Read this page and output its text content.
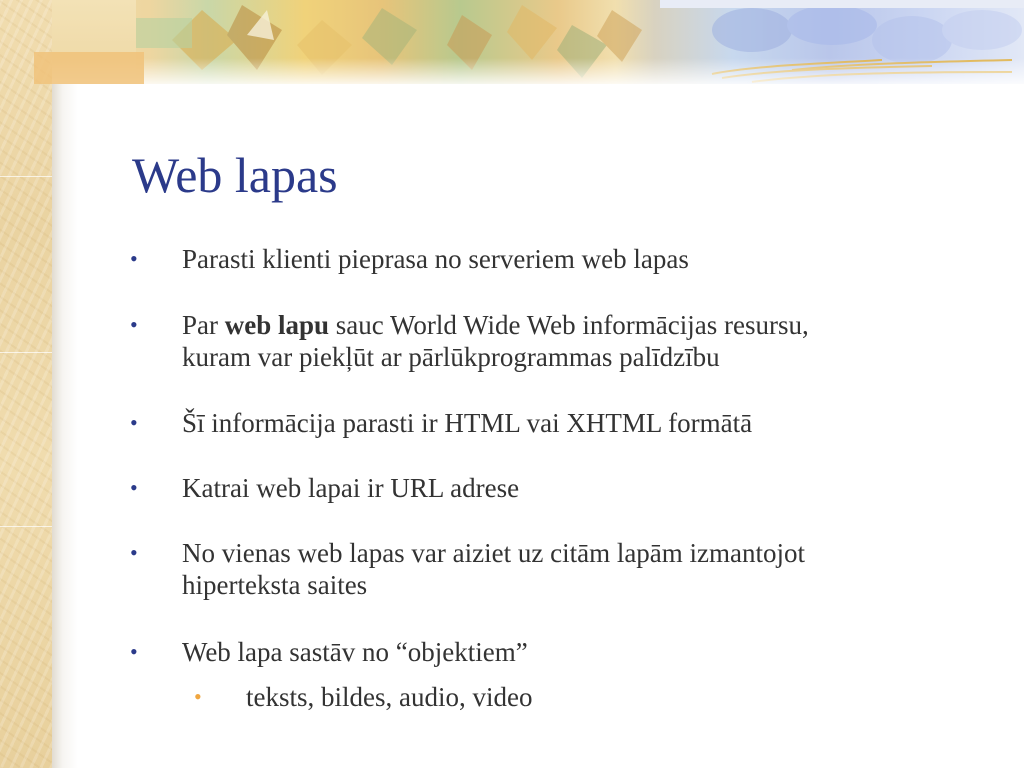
Web lapas
•	Parasti klienti pieprasa no serveriem web lapas
•	Par web lapu sauc World Wide Web informācijas resursu,
kuram var piekļūt ar pārlūkprogrammas palīdzību
•	Šī informācija parasti ir HTML vai XHTML formātā
•	Katrai web lapai ir URL adrese
•	No vienas web lapas var aiziet uz citām lapām izmantojot
hiperteksta saites
•	Web lapa sastāv no “objektiem”
• teksts, bildes, audio, video
